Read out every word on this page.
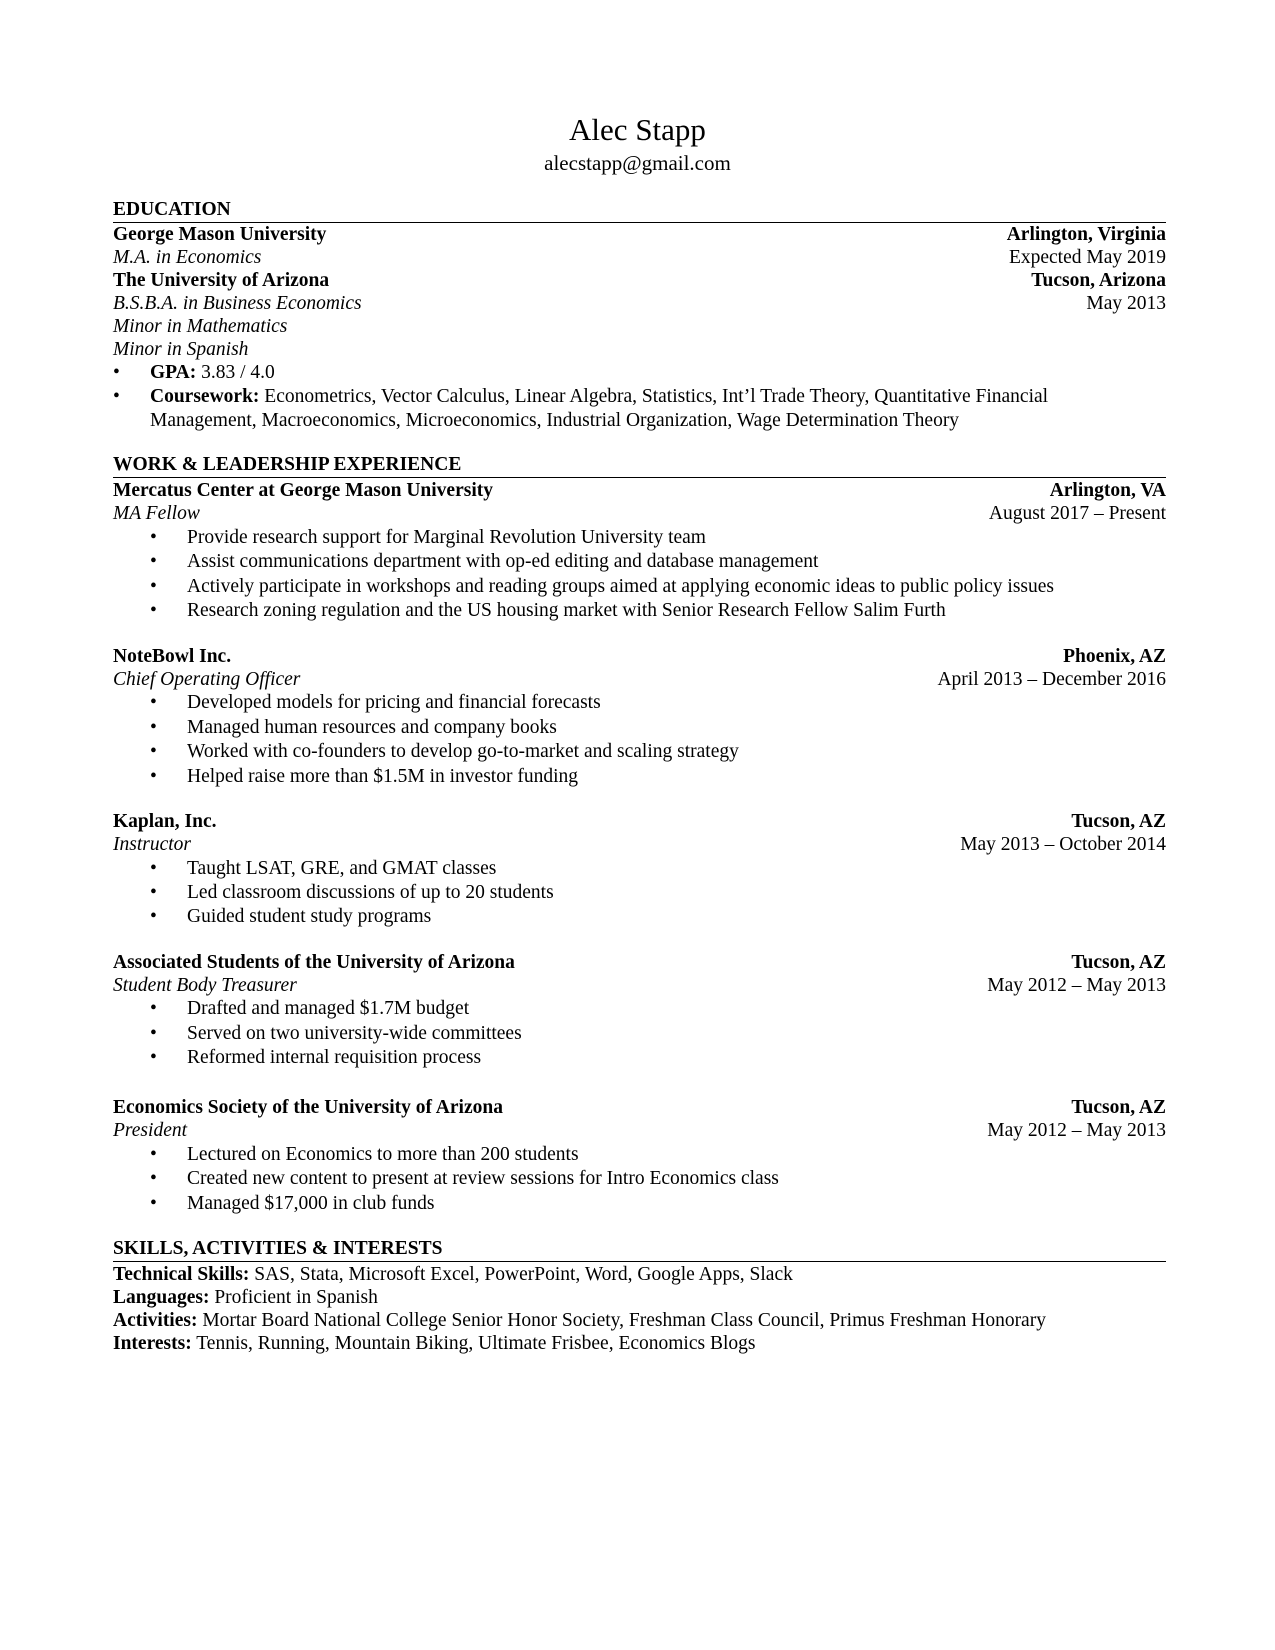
Alec Stapp
alecstapp@gmail.com
EDUCATION
George Mason University	Arlington, Virginia
M.A. in Economics	Expected May 2019
The University of Arizona	Tucson, Arizona
B.S.B.A. in Business Economics	May 2013
Minor in Mathematics
Minor in Spanish
• GPA: 3.83 / 4.0
• Coursework: Econometrics, Vector Calculus, Linear Algebra, Statistics, Int’l Trade Theory, Quantitative Financial
Management, Macroeconomics, Microeconomics, Industrial Organization, Wage Determination Theory
WORK & LEADERSHIP EXPERIENCE
Mercatus Center at George Mason University	Arlington, VA
MA Fellow	August 2017 – Present
• Provide research support for Marginal Revolution University team
• Assist communications department with op-ed editing and database management
• Actively participate in workshops and reading groups aimed at applying economic ideas to public policy issues
• Research zoning regulation and the US housing market with Senior Research Fellow Salim Furth
NoteBowl Inc.	Phoenix, AZ
Chief Operating Officer	April 2013 – December 2016
• Developed models for pricing and financial forecasts
• Managed human resources and company books
• Worked with co-founders to develop go-to-market and scaling strategy
• Helped raise more than $1.5M in investor funding
Kaplan, Inc.	Tucson, AZ
Instructor	May 2013 – October 2014
• Taught LSAT, GRE, and GMAT classes
• Led classroom discussions of up to 20 students
• Guided student study programs
Associated Students of the University of Arizona	Tucson, AZ
Student Body Treasurer	May 2012 – May 2013
• Drafted and managed $1.7M budget
• Served on two university-wide committees
• Reformed internal requisition process
Economics Society of the University of Arizona	Tucson, AZ
President	May 2012 – May 2013
• Lectured on Economics to more than 200 students
• Created new content to present at review sessions for Intro Economics class
• Managed $17,000 in club funds
SKILLS, ACTIVITIES & INTERESTS
Technical Skills: SAS, Stata, Microsoft Excel, PowerPoint, Word, Google Apps, Slack
Languages: Proficient in Spanish
Activities: Mortar Board National College Senior Honor Society, Freshman Class Council, Primus Freshman Honorary
Interests: Tennis, Running, Mountain Biking, Ultimate Frisbee, Economics Blogs
